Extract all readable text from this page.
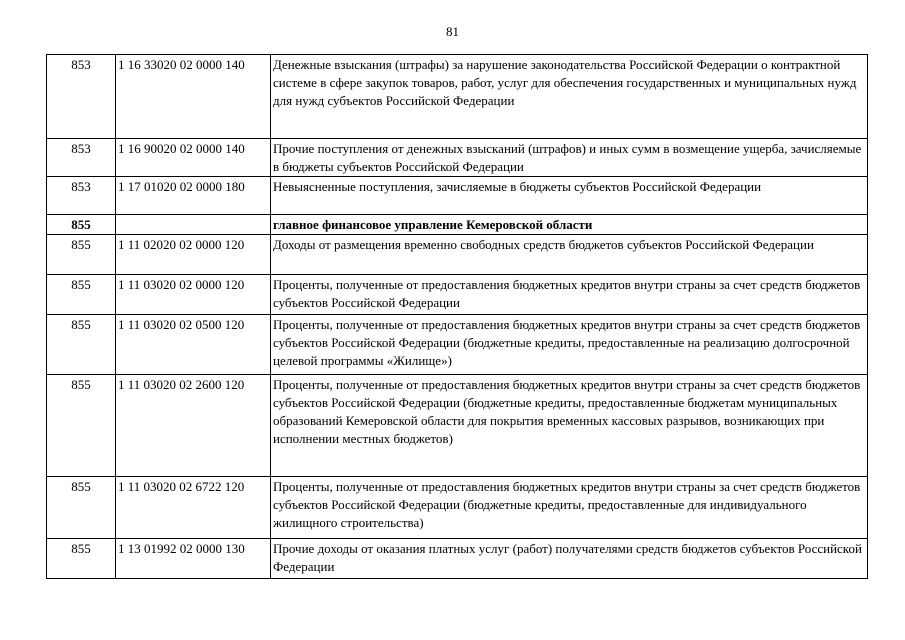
81
853	1 16 33020 02 0000 140	Денежные взыскания (штрафы) за нарушение законодательства Российской Федерации о контрактной системе в сфере закупок товаров, работ, услуг для обеспечения государственных и муниципальных нужд для нужд субъектов Российской Федерации
853	1 16 90020 02 0000 140	Прочие поступления от денежных взысканий (штрафов) и иных сумм в возмещение ущерба, зачисляемые в бюджеты субъектов Российской Федерации
853	1 17 01020 02 0000 180	Невыясненные поступления, зачисляемые в бюджеты субъектов Российской Федерации
855		главное финансовое управление Кемеровской области
855	1 11 02020 02 0000 120	Доходы от размещения временно свободных средств бюджетов субъектов Российской Федерации
855	1 11 03020 02 0000 120	Проценты, полученные от предоставления бюджетных кредитов внутри страны за счет средств бюджетов субъектов Российской Федерации
855	1 11 03020 02 0500 120	Проценты, полученные от предоставления бюджетных кредитов внутри страны за счет средств бюджетов субъектов Российской Федерации (бюджетные кредиты, предоставленные на реализацию долгосрочной целевой программы «Жилище»)
855	1 11 03020 02 2600 120	Проценты, полученные от предоставления бюджетных кредитов внутри страны за счет средств бюджетов субъектов Российской Федерации (бюджетные кредиты, предоставленные бюджетам муниципальных образований Кемеровской области для покрытия временных кассовых разрывов, возникающих при исполнении местных бюджетов)
855	1 11 03020 02 6722 120	Проценты, полученные от предоставления бюджетных кредитов внутри страны за счет средств бюджетов субъектов Российской Федерации (бюджетные кредиты, предоставленные для индивидуального жилищного строительства)
855	1 13 01992 02 0000 130	Прочие доходы от оказания платных услуг (работ) получателями средств бюджетов субъектов Российской Федерации
